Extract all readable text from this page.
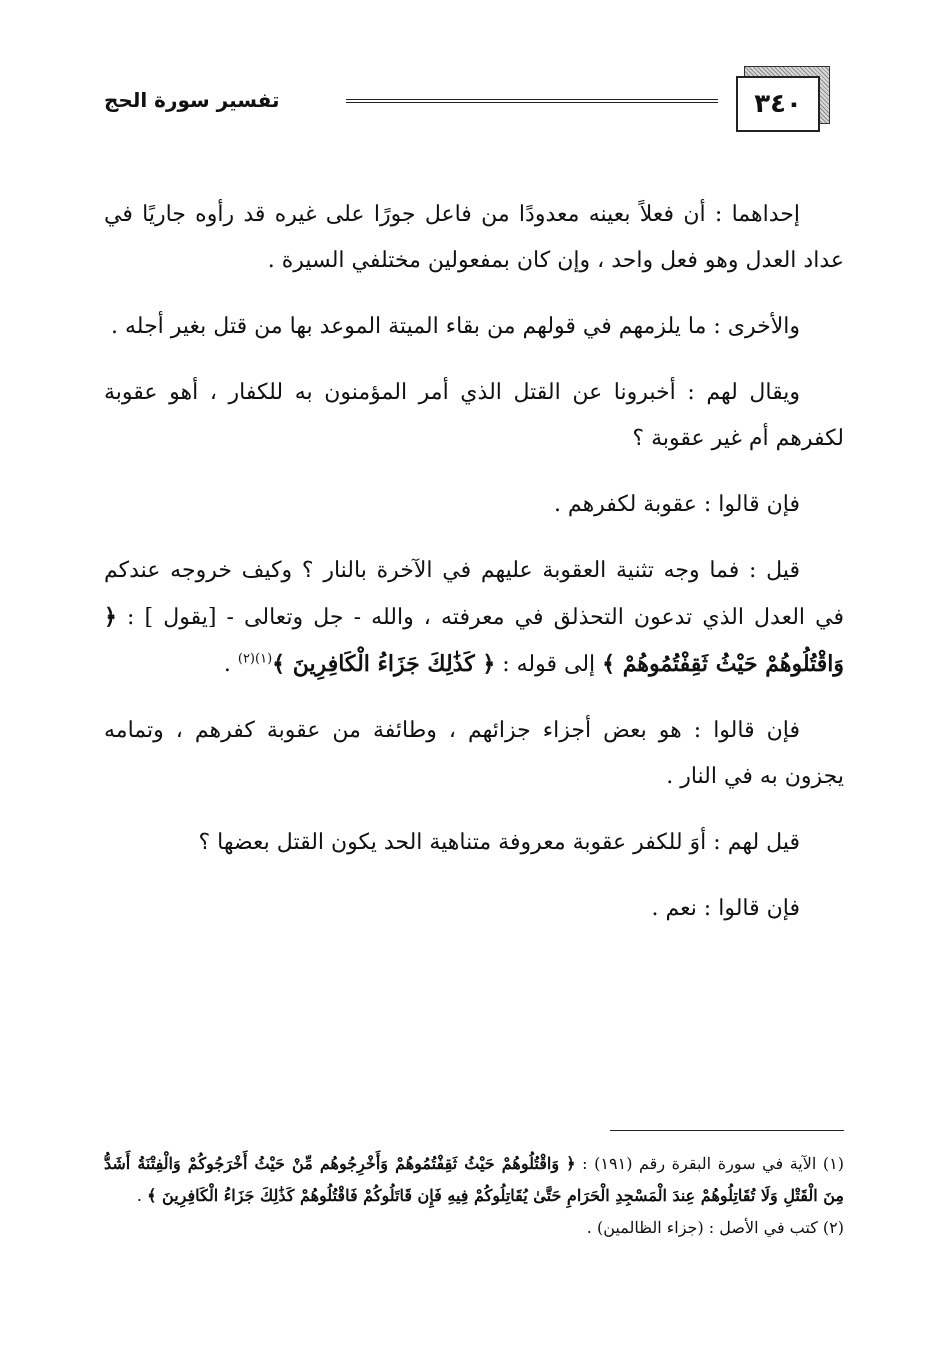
٣٤٠
تفسير سورة الحج

إحداهما : أن فعلاً بعينه معدودًا من فاعل جورًا على غيره قد رأوه جاريًا في عداد العدل وهو فعل واحد ، وإن كان بمفعولين مختلفي السيرة .

والأخرى : ما يلزمهم في قولهم من بقاء الميتة الموعد بها من قتل بغير أجله .

ويقال لهم : أخبرونا عن القتل الذي أمر المؤمنون به للكفار ، أهو عقوبة لكفرهم أم غير عقوبة ؟

فإن قالوا : عقوبة لكفرهم .

قيل : فما وجه تثنية العقوبة عليهم في الآخرة بالنار ؟ وكيف خروجه عندكم في العدل الذي تدعون التحذلق في معرفته ، والله - جل وتعالى - [يقول ] : ﴿ وَاقْتُلُوهُمْ حَيْثُ ثَقِفْتُمُوهُمْ ﴾ إلى قوله : ﴿ كَذَٰلِكَ جَزَاءُ الْكَافِرِينَ ﴾$^{(١)(٢)}$ .

فإن قالوا : هو بعض أجزاء جزائهم ، وطائفة من عقوبة كفرهم ، وتمامه يجزون به في النار .

قيل لهم : أوَ للكفر عقوبة معروفة متناهية الحد يكون القتل بعضها ؟

فإن قالوا : نعم .

(١) الآية في سورة البقرة رقم (١٩١) : ﴿ وَاقْتُلُوهُمْ حَيْثُ ثَقِفْتُمُوهُمْ وَأَخْرِجُوهُم مِّنْ حَيْثُ أَخْرَجُوكُمْ وَالْفِتْنَةُ أَشَدُّ مِنَ الْقَتْلِ وَلَا تُقَاتِلُوهُمْ عِندَ الْمَسْجِدِ الْحَرَامِ حَتَّىٰ يُقَاتِلُوكُمْ فِيهِ فَإِن قَاتَلُوكُمْ فَاقْتُلُوهُمْ كَذَٰلِكَ جَزَاءُ الْكَافِرِينَ ﴾ .
(٢) كتب في الأصل : (جزاء الظالمين) .
